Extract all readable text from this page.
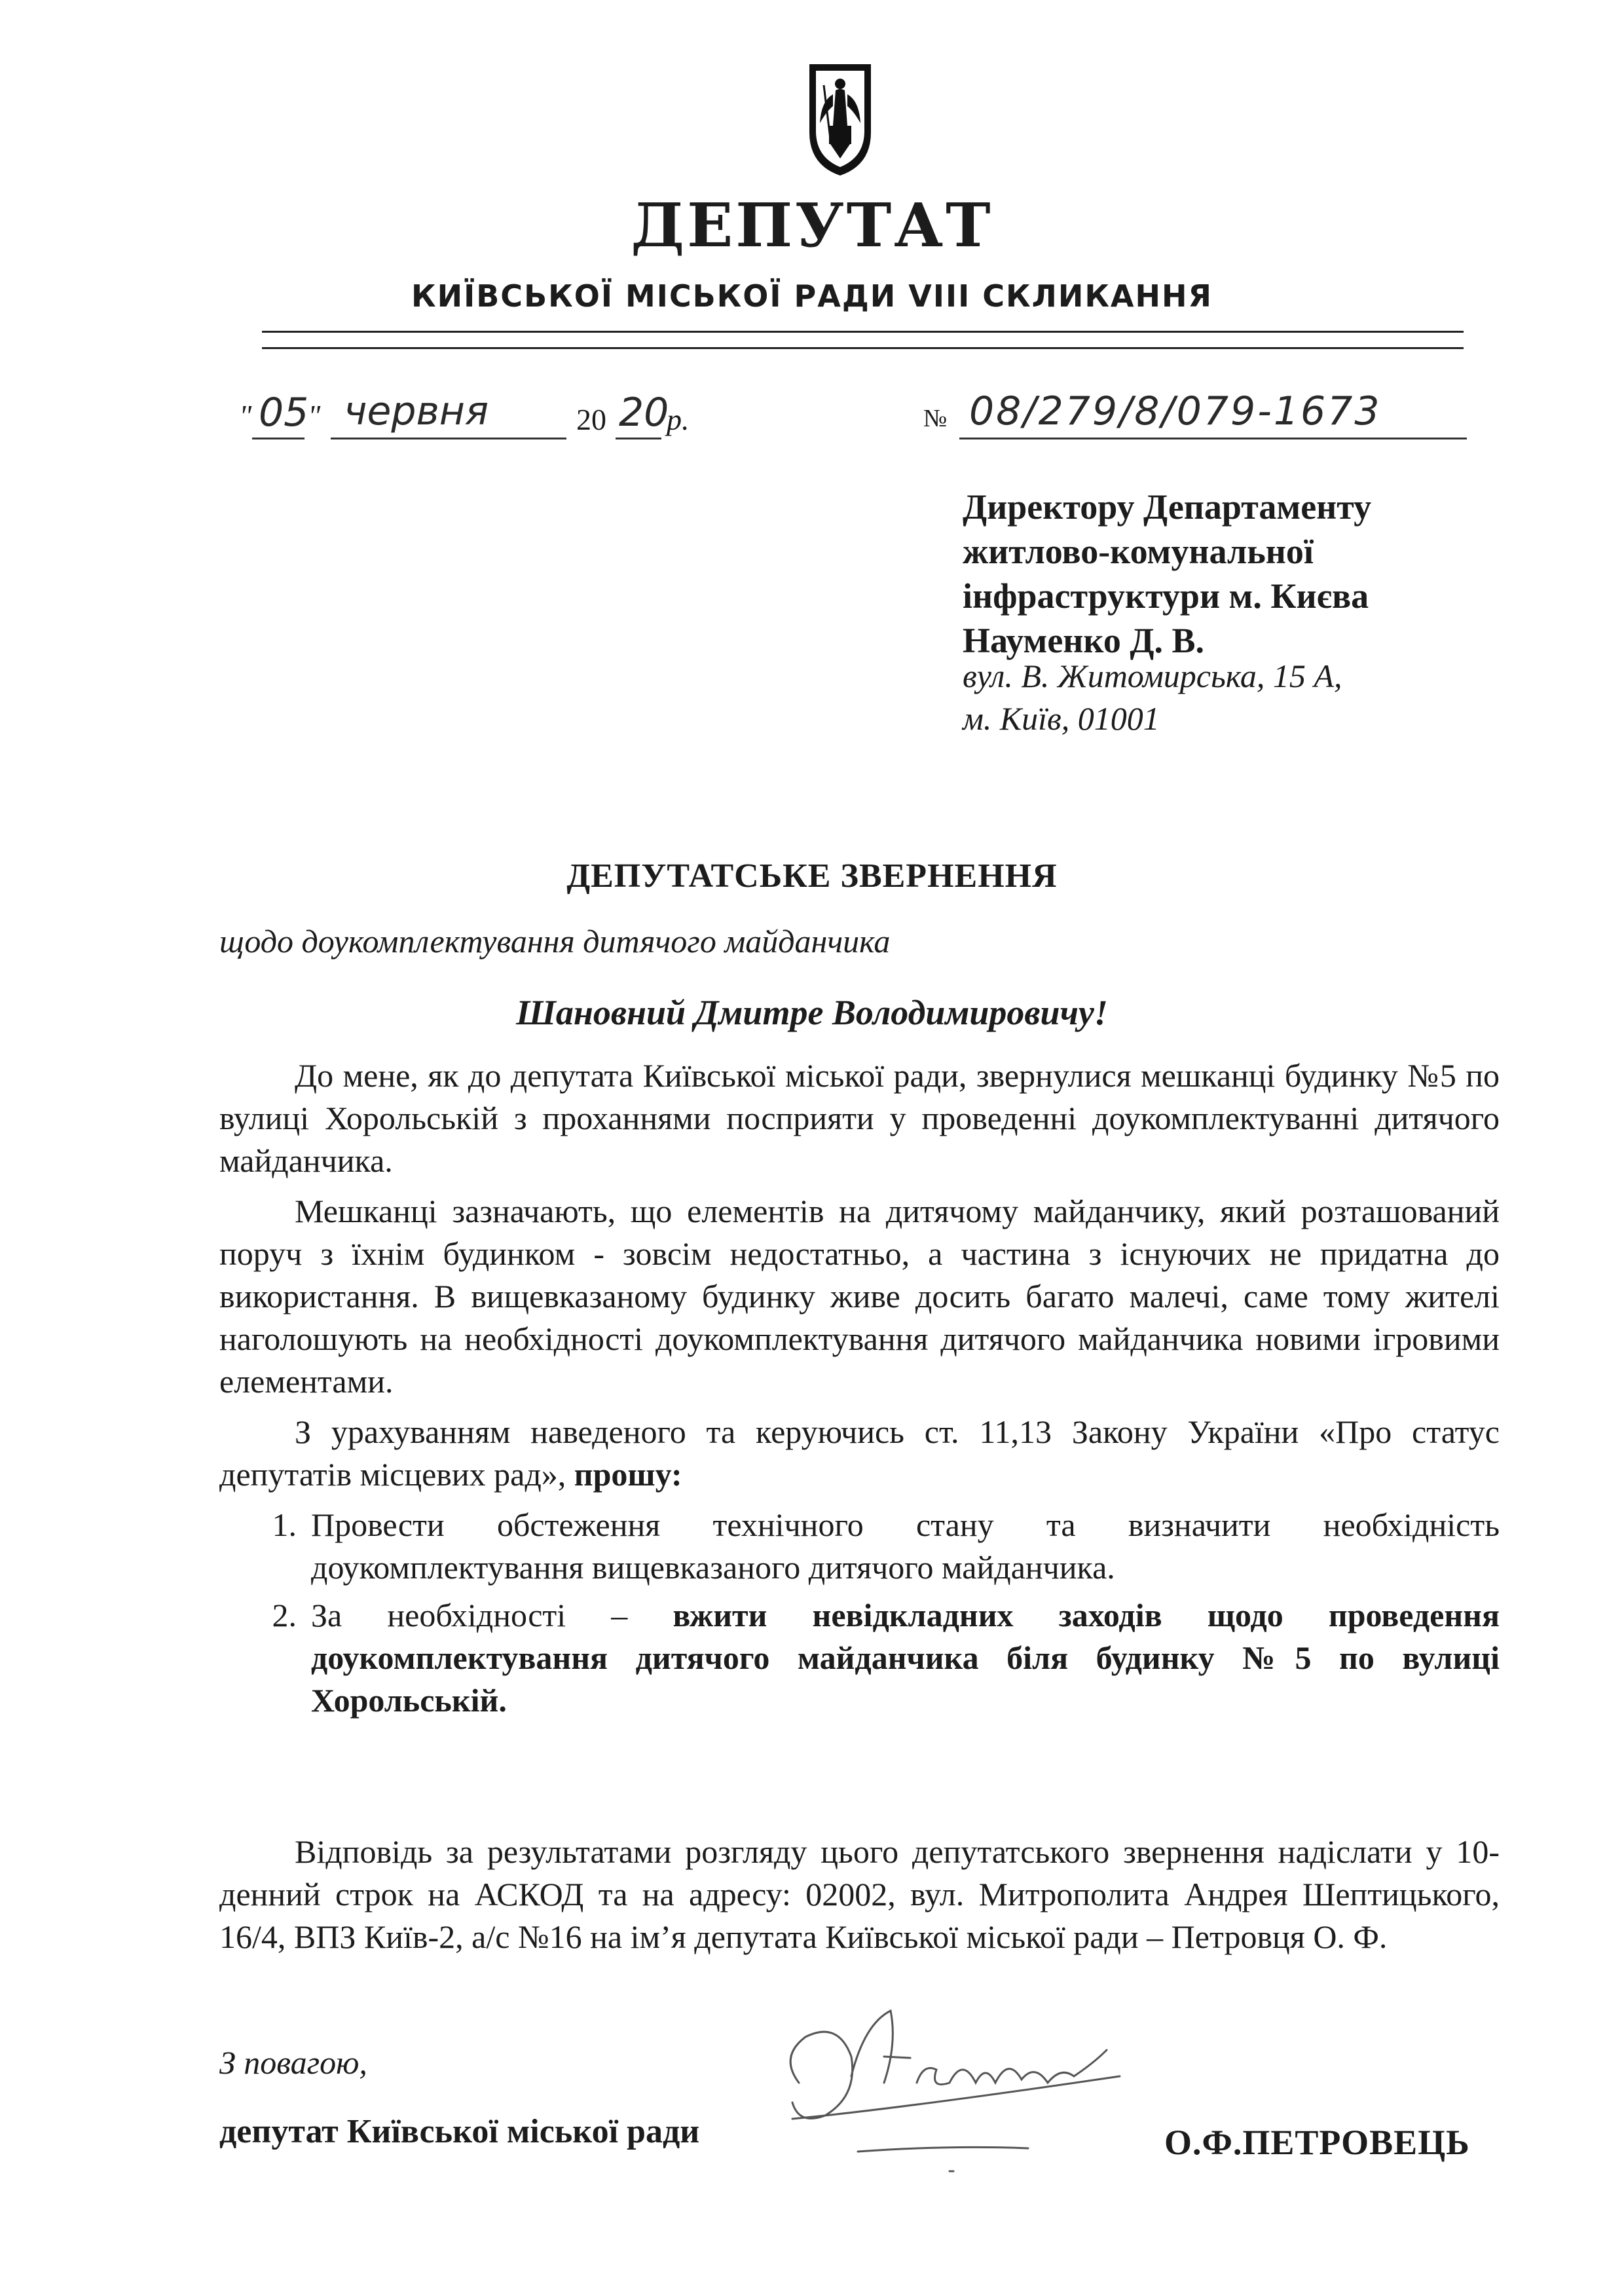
ДЕПУТАТ
КИЇВСЬКОЇ МІСЬКОЇ РАДИ VIII СКЛИКАННЯ
" 05
" червня	20 20
р.	№ 08/279/8/079-1673
Директору Департаменту
житлово-комунальної
інфраструктури м. Києва
Науменко Д. В.
вул. В. Житомирська, 15 А,
м. Київ, 01001
ДЕПУТАТСЬКЕ ЗВЕРНЕННЯ
щодо доукомплектування дитячого майданчика
Шановний Дмитре Володимировичу!

До мене, як до депутата Київської міської ради, звернулися мешканці будинку №5 по вулиці Хорольській з проханнями посприяти у проведенні доукомплектуванні дитячого майданчика.

Мешканці зазначають, що елементів на дитячому майданчику, який розташований поруч з їхнім будинком - зовсім недостатньо, а частина з існуючих не придатна до використання. В вищевказаному будинку живе досить багато малечі, саме тому жителі наголошують на необхідності доукомплектування дитячого майданчика новими ігровими елементами.

З урахуванням наведеного та керуючись ст. 11,13 Закону України «Про статус депутатів місцевих рад», прошу:

1. Провести обстеження технічного стану та визначити необхідність доукомплектування вищевказаного дитячого майданчика.
2. За необхідності – вжити невідкладних заходів щодо проведення доукомплектування дитячого майданчика біля будинку №5 по вулиці Хорольській.

Відповідь за результатами розгляду цього депутатського звернення надіслати у 10-денний строк на АСКОД та на адресу: 02002, вул. Митрополита Андрея Шептицького, 16/4, ВПЗ Київ-2, а/с №16 на ім’я депутата Київської міської ради – Петровця О. Ф.

З повагою,
депутат Київської міської ради	О.Ф.ПЕТРОВЕЦЬ
